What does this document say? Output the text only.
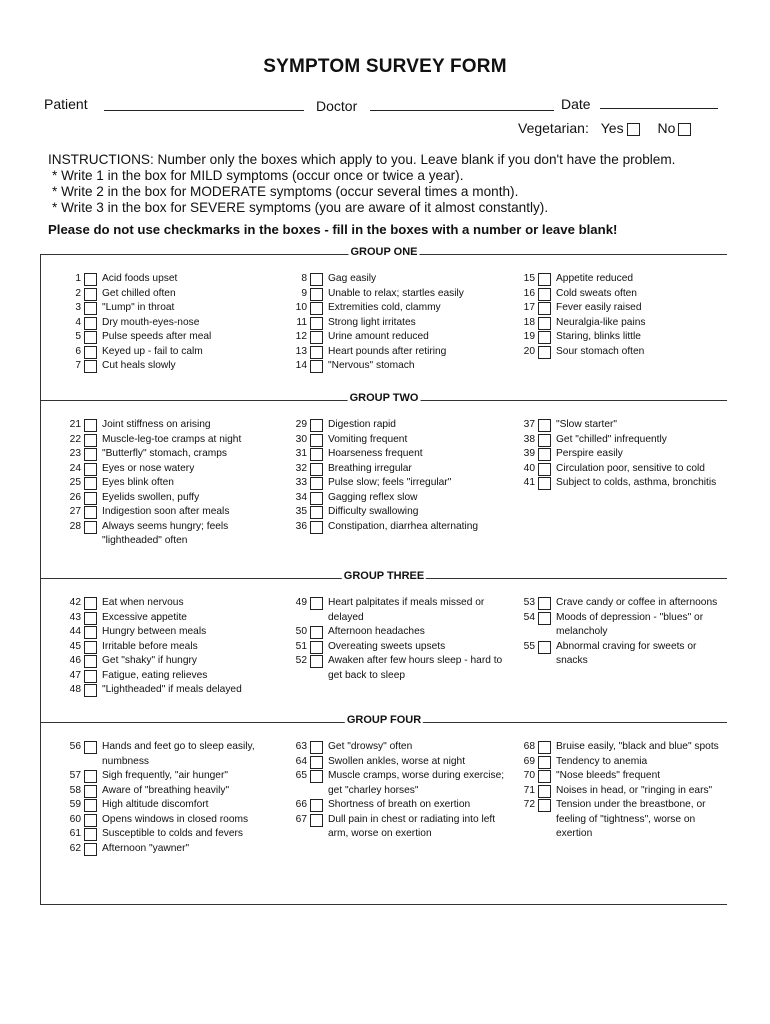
SYMPTOM SURVEY FORM
Patient	Doctor	Date
Vegetarian: Yes No
INSTRUCTIONS: Number only the boxes which apply to you. Leave blank if you don't have the problem.
* Write 1 in the box for MILD symptoms (occur once or twice a year).
* Write 2 in the box for MODERATE symptoms (occur several times a month).
* Write 3 in the box for SEVERE symptoms (you are aware of it almost constantly).
Please do not use checkmarks in the boxes - fill in the boxes with a number or leave blank!
GROUP ONE
1 Acid foods upset
2 Get chilled often
3 "Lump" in throat
4 Dry mouth-eyes-nose
5 Pulse speeds after meal
6 Keyed up - fail to calm
7 Cut heals slowly
8 Gag easily
9 Unable to relax; startles easily
10 Extremities cold, clammy
11 Strong light irritates
12 Urine amount reduced
13 Heart pounds after retiring
14 "Nervous" stomach
15 Appetite reduced
16 Cold sweats often
17 Fever easily raised
18 Neuralgia-like pains
19 Staring, blinks little
20 Sour stomach often
GROUP TWO
21 Joint stiffness on arising
22 Muscle-leg-toe cramps at night
23 "Butterfly" stomach, cramps
24 Eyes or nose watery
25 Eyes blink often
26 Eyelids swollen, puffy
27 Indigestion soon after meals
28 Always seems hungry; feels "lightheaded" often
29 Digestion rapid
30 Vomiting frequent
31 Hoarseness frequent
32 Breathing irregular
33 Pulse slow; feels "irregular"
34 Gagging reflex slow
35 Difficulty swallowing
36 Constipation, diarrhea alternating
37 "Slow starter"
38 Get "chilled" infrequently
39 Perspire easily
40 Circulation poor, sensitive to cold
41 Subject to colds, asthma, bronchitis
GROUP THREE
42 Eat when nervous
43 Excessive appetite
44 Hungry between meals
45 Irritable before meals
46 Get "shaky" if hungry
47 Fatigue, eating relieves
48 "Lightheaded" if meals delayed
49 Heart palpitates if meals missed or delayed
50 Afternoon headaches
51 Overeating sweets upsets
52 Awaken after few hours sleep - hard to get back to sleep
53 Crave candy or coffee in afternoons
54 Moods of depression - "blues" or melancholy
55 Abnormal craving for sweets or snacks
GROUP FOUR
56 Hands and feet go to sleep easily, numbness
57 Sigh frequently, "air hunger"
58 Aware of "breathing heavily"
59 High altitude discomfort
60 Opens windows in closed rooms
61 Susceptible to colds and fevers
62 Afternoon "yawner"
63 Get "drowsy" often
64 Swollen ankles, worse at night
65 Muscle cramps, worse during exercise; get "charley horses"
66 Shortness of breath on exertion
67 Dull pain in chest or radiating into left arm, worse on exertion
68 Bruise easily, "black and blue" spots
69 Tendency to anemia
70 "Nose bleeds" frequent
71 Noises in head, or "ringing in ears"
72 Tension under the breastbone, or feeling of "tightness", worse on exertion
